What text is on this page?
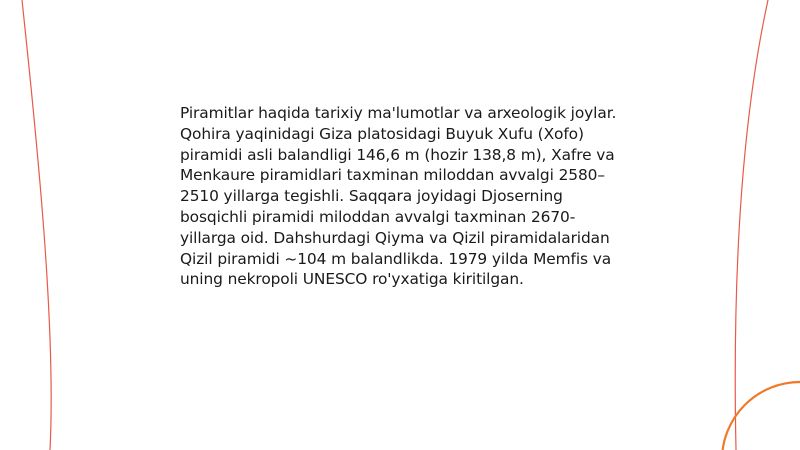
Piramitlar haqida tarixiy ma'lumotlar va arxeologik joylar. Qohira yaqinidagi Giza platosidagi Buyuk Xufu (Xofo) piramidi asli balandligi 146,6 m (hozir 138,8 m), Xafre va Menkaure piramidlari taxminan miloddan avvalgi 2580–2510 yillarga tegishli. Saqqara joyidagi Djoserning bosqichli piramidi miloddan avvalgi taxminan 2670-yillarga oid. Dahshurdagi Qiyma va Qizil piramidalaridan Qizil piramidi ~104 m balandlikda. 1979 yilda Memfis va uning nekropoli UNESCO ro'yxatiga kiritilgan.
